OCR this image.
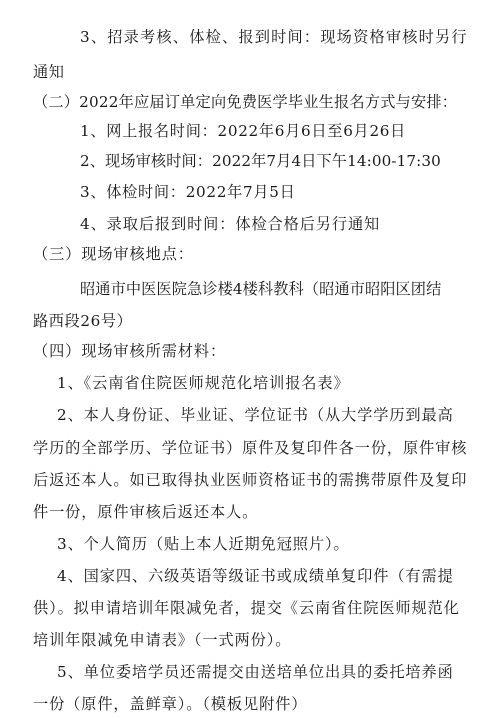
3、招录考核、体检、报到时间：现场资格审核时另行
通知
（二）2022年应届订单定向免费医学毕业生报名方式与安排：
1、网上报名时间：2022年6月6日至6月26日
2、现场审核时间：2022年7月4日下午14:00-17:30
3、体检时间：2022年7月5日
4、录取后报到时间：体检合格后另行通知
（三）现场审核地点：
昭通市中医医院急诊楼4楼科教科（昭通市昭阳区团结
路西段26号）
（四）现场审核所需材料：
1、《云南省住院医师规范化培训报名表》
2、本人身份证、毕业证、学位证书（从大学学历到最高
学历的全部学历、学位证书）原件及复印件各一份，原件审核
后返还本人。如已取得执业医师资格证书的需携带原件及复印
件一份，原件审核后返还本人。
3、个人简历（贴上本人近期免冠照片）。
4、国家四、六级英语等级证书或成绩单复印件（有需提
供）。拟申请培训年限减免者，提交《云南省住院医师规范化
培训年限减免申请表》（一式两份）。
5、单位委培学员还需提交由送培单位出具的委托培养函
一份（原件，盖鲜章）。（模板见附件）
